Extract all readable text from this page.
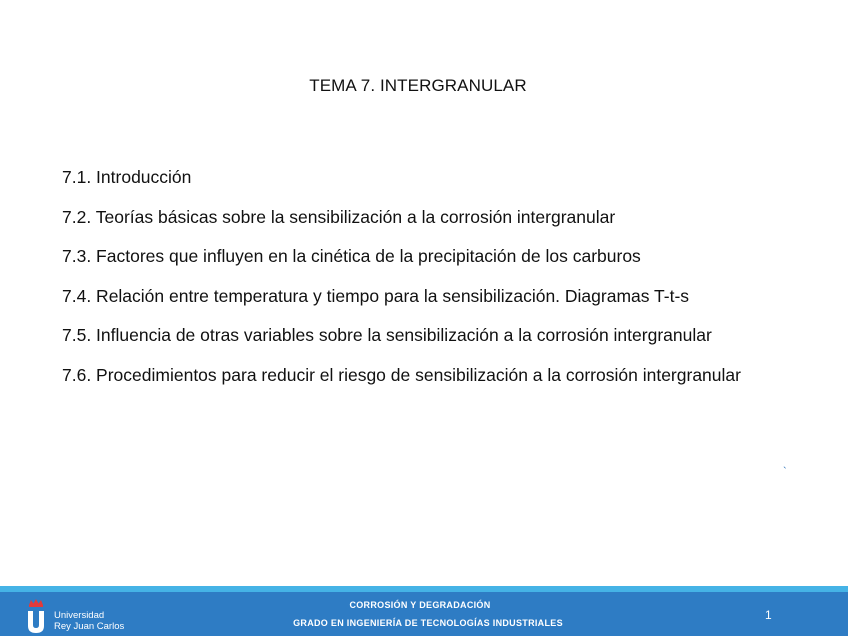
TEMA 7. INTERGRANULAR
7.1. Introducción
7.2. Teorías básicas sobre la sensibilización a la corrosión intergranular
7.3. Factores que influyen en la cinética de la precipitación de los carburos
7.4. Relación entre temperatura y tiempo para la sensibilización. Diagramas T-t-s
7.5. Influencia de otras variables sobre la sensibilización a la corrosión intergranular
7.6. Procedimientos para reducir el riesgo de sensibilización a la corrosión intergranular
`
Universidad
Rey Juan Carlos
CORROSIÓN Y DEGRADACIÓN
GRADO EN INGENIERÍA DE TECNOLOGÍAS INDUSTRIALES
1
